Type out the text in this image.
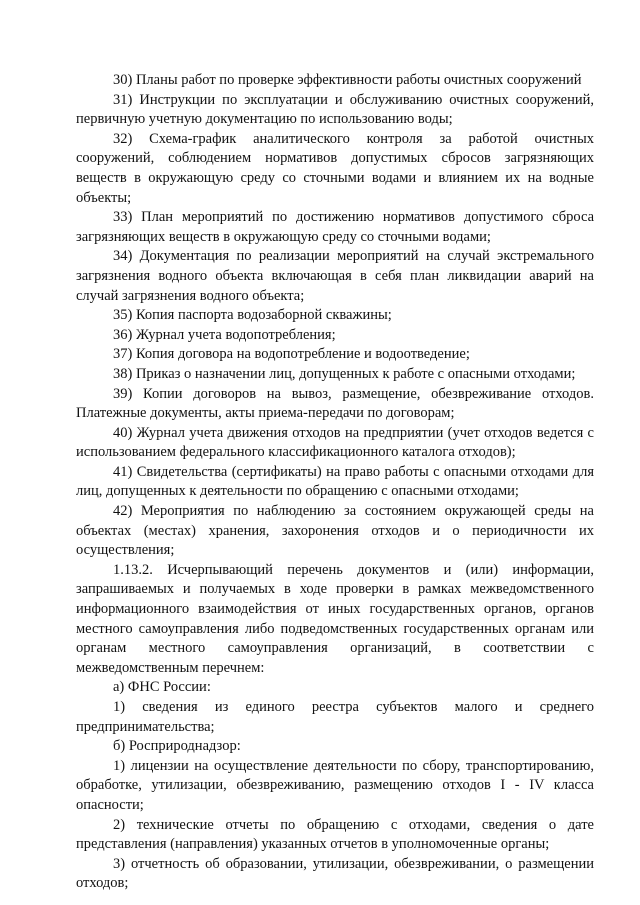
30) Планы работ по проверке эффективности работы очистных сооружений

31) Инструкции по эксплуатации и обслуживанию очистных сооружений, первичную учетную документацию по использованию воды;

32) Схема-график аналитического контроля за работой очистных сооружений, соблюдением нормативов допустимых сбросов загрязняющих веществ в окружающую среду со сточными водами и влиянием их на водные объекты;

33) План мероприятий по достижению нормативов допустимого сброса загрязняющих веществ в окружающую среду со сточными водами;

34) Документация по реализации мероприятий на случай экстремального загрязнения водного объекта включающая в себя план ликвидации аварий на случай загрязнения водного объекта;

35) Копия паспорта водозаборной скважины;

36) Журнал учета водопотребления;

37) Копия договора на водопотребление и водоотведение;

38) Приказ о назначении лиц, допущенных к работе с опасными отходами;

39) Копии договоров на вывоз, размещение, обезвреживание отходов. Платежные документы, акты приема-передачи по договорам;

40) Журнал учета движения отходов на предприятии (учет отходов ведется с использованием федерального классификационного каталога отходов);

41) Свидетельства (сертификаты) на право работы с опасными отходами для лиц, допущенных к деятельности по обращению с опасными отходами;

42) Мероприятия по наблюдению за состоянием окружающей среды на объектах (местах) хранения, захоронения отходов и о периодичности их осуществления;

1.13.2. Исчерпывающий перечень документов и (или) информации, запрашиваемых и получаемых в ходе проверки в рамках межведомственного информационного взаимодействия от иных государственных органов, органов местного самоуправления либо подведомственных государственных органам или органам местного самоуправления организаций, в соответствии с межведомственным перечнем:

а) ФНС России:

1) сведения из единого реестра субъектов малого и среднего предпринимательства;

б) Росприроднадзор:

1) лицензии на осуществление деятельности по сбору, транспортированию, обработке, утилизации, обезвреживанию, размещению отходов I - IV класса опасности;

2) технические отчеты по обращению с отходами, сведения о дате представления (направления) указанных отчетов в уполномоченные органы;

3) отчетность об образовании, утилизации, обезвреживании, о размещении отходов;
